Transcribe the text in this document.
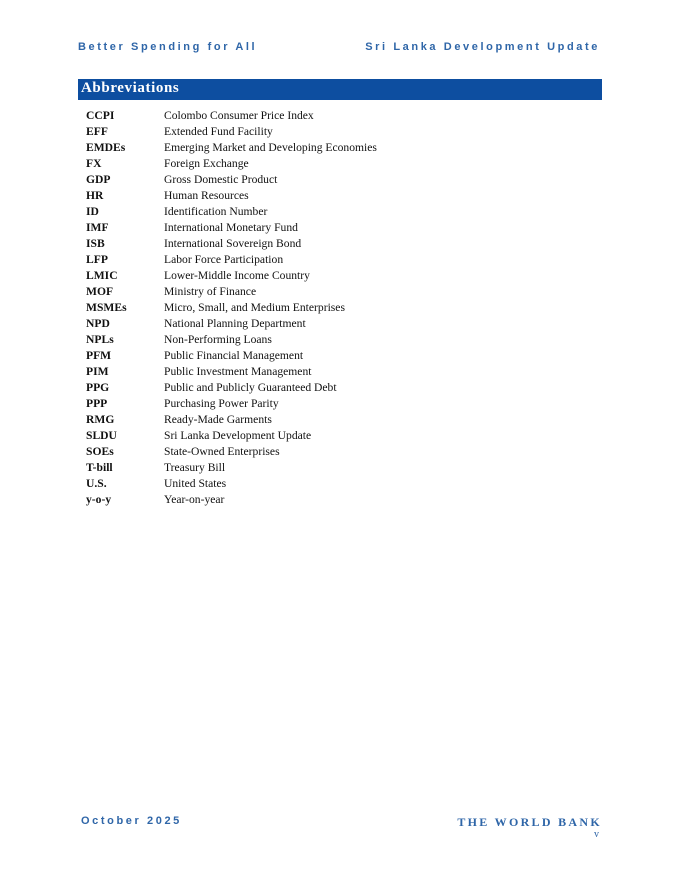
Better Spending for All	Sri Lanka Development Update
Abbreviations
CCPI	Colombo Consumer Price Index
EFF	Extended Fund Facility
EMDEs	Emerging Market and Developing Economies
FX	Foreign Exchange
GDP	Gross Domestic Product
HR	Human Resources
ID	Identification Number
IMF	International Monetary Fund
ISB	International Sovereign Bond
LFP	Labor Force Participation
LMIC	Lower-Middle Income Country
MOF	Ministry of Finance
MSMEs	Micro, Small, and Medium Enterprises
NPD	National Planning Department
NPLs	Non-Performing Loans
PFM	Public Financial Management
PIM	Public Investment Management
PPG	Public and Publicly Guaranteed Debt
PPP	Purchasing Power Parity
RMG	Ready-Made Garments
SLDU	Sri Lanka Development Update
SOEs	State-Owned Enterprises
T-bill	Treasury Bill
U.S.	United States
y-o-y	Year-on-year
October 2025	THE WORLD BANK
v
